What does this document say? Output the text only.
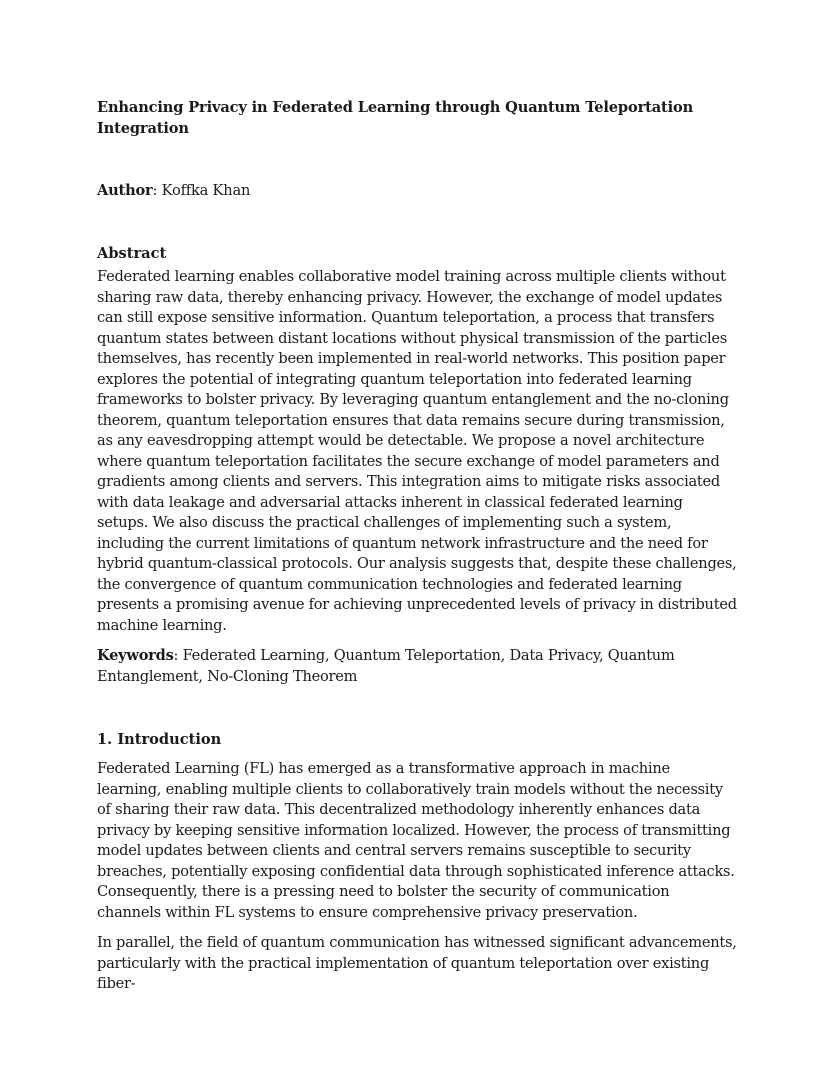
Enhancing Privacy in Federated Learning through Quantum Teleportation Integration
Author: Koffka Khan
Abstract

Federated learning enables collaborative model training across multiple clients without sharing raw data, thereby enhancing privacy. However, the exchange of model updates can still expose sensitive information. Quantum teleportation, a process that transfers quantum states between distant locations without physical transmission of the particles themselves, has recently been implemented in real-world networks. This position paper explores the potential of integrating quantum teleportation into federated learning frameworks to bolster privacy. By leveraging quantum entanglement and the no-cloning theorem, quantum teleportation ensures that data remains secure during transmission, as any eavesdropping attempt would be detectable. We propose a novel architecture where quantum teleportation facilitates the secure exchange of model parameters and gradients among clients and servers. This integration aims to mitigate risks associated with data leakage and adversarial attacks inherent in classical federated learning setups. We also discuss the practical challenges of implementing such a system, including the current limitations of quantum network infrastructure and the need for hybrid quantum-classical protocols. Our analysis suggests that, despite these challenges, the convergence of quantum communication technologies and federated learning presents a promising avenue for achieving unprecedented levels of privacy in distributed machine learning.

Keywords: Federated Learning, Quantum Teleportation, Data Privacy, Quantum Entanglement, No-Cloning Theorem
1. Introduction

Federated Learning (FL) has emerged as a transformative approach in machine learning, enabling multiple clients to collaboratively train models without the necessity of sharing their raw data. This decentralized methodology inherently enhances data privacy by keeping sensitive information localized. However, the process of transmitting model updates between clients and central servers remains susceptible to security breaches, potentially exposing confidential data through sophisticated inference attacks. Consequently, there is a pressing need to bolster the security of communication channels within FL systems to ensure comprehensive privacy preservation.

In parallel, the field of quantum communication has witnessed significant advancements, particularly with the practical implementation of quantum teleportation over existing fiber-
